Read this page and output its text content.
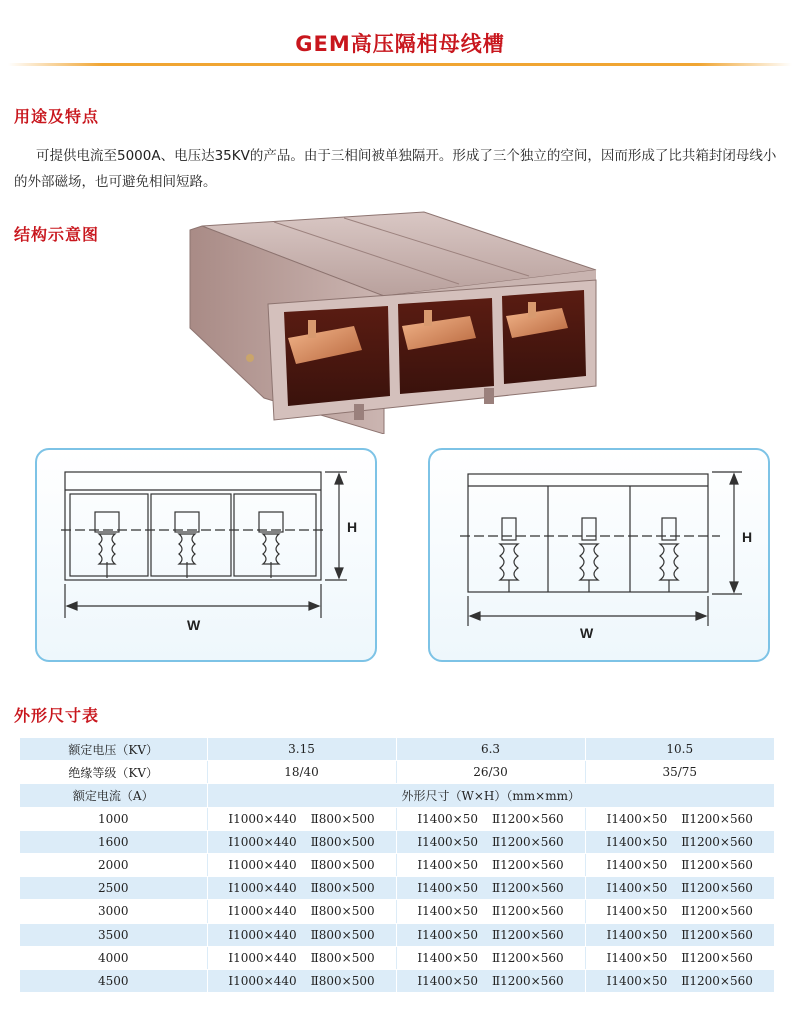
GEM高压隔相母线槽
用途及特点
可提供电流至5000A、电压达35KV的产品。由于三相间被单独隔开。形成了三个独立的空间，因而形成了比共箱封闭母线小的外部磁场，也可避免相间短路。
结构示意图
W
H
W
H
外形尺寸表
额定电压（KV）	3.15	6.3	10.5
绝缘等级（KV）	18/40	26/30	35/75
额定电流（A）	外形尺寸（W×H）（mm×mm）		
1000	Ⅰ1000×440 Ⅱ800×500	Ⅰ1400×50 Ⅱ1200×560	Ⅰ1400×50 Ⅱ1200×560

1600	Ⅰ1000×440 Ⅱ800×500	Ⅰ1400×50 Ⅱ1200×560	Ⅰ1400×50 Ⅱ1200×560

2000	Ⅰ1000×440 Ⅱ800×500	Ⅰ1400×50 Ⅱ1200×560	Ⅰ1400×50 Ⅱ1200×560

2500	Ⅰ1000×440 Ⅱ800×500	Ⅰ1400×50 Ⅱ1200×560	Ⅰ1400×50 Ⅱ1200×560

3000	Ⅰ1000×440 Ⅱ800×500	Ⅰ1400×50 Ⅱ1200×560	Ⅰ1400×50 Ⅱ1200×560

3500	Ⅰ1000×440 Ⅱ800×500	Ⅰ1400×50 Ⅱ1200×560	Ⅰ1400×50 Ⅱ1200×560

4000	Ⅰ1000×440 Ⅱ800×500	Ⅰ1400×50 Ⅱ1200×560	Ⅰ1400×50 Ⅱ1200×560

4500	Ⅰ1000×440 Ⅱ800×500	Ⅰ1400×50 Ⅱ1200×560	Ⅰ1400×50 Ⅱ1200×560
